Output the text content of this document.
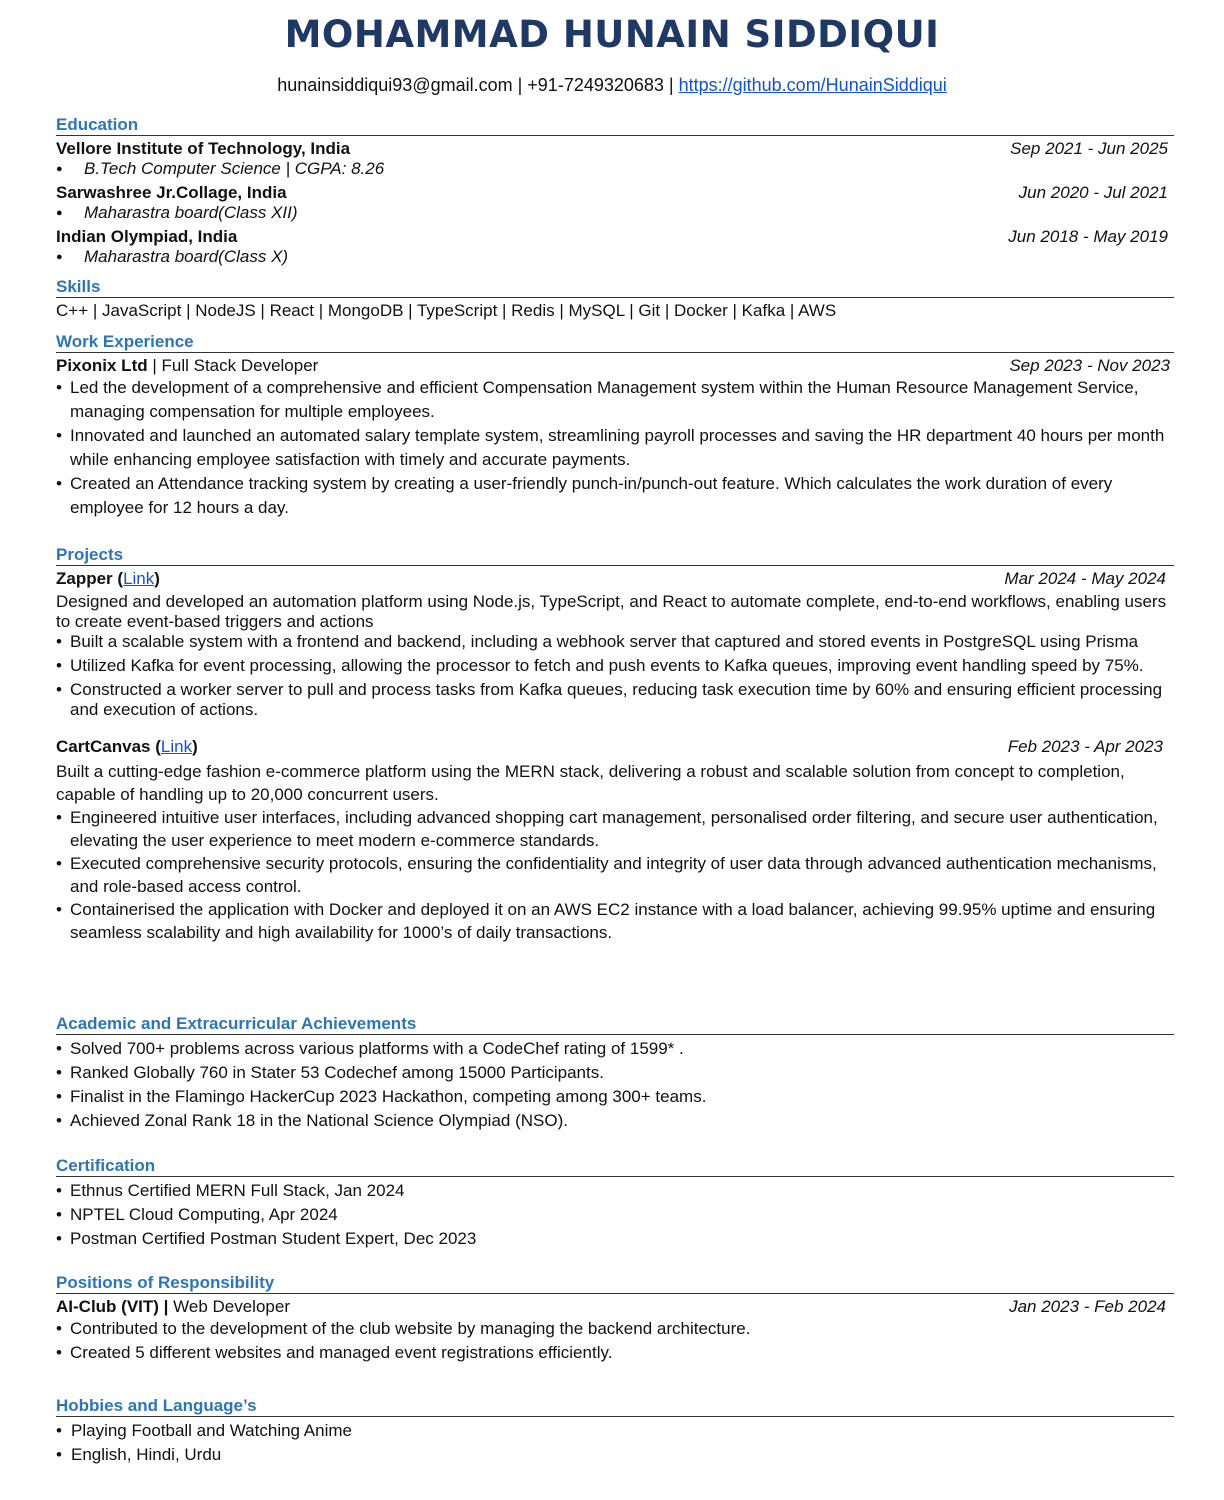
MOHAMMAD HUNAIN SIDDIQUI
hunainsiddiqui93@gmail.com | +91-7249320683 | https://github.com/HunainSiddiqui
Education
Vellore Institute of Technology, India	Sep 2021 - Jun 2025
● B.Tech Computer Science | CGPA: 8.26
Sarwashree Jr.Collage, India	Jun 2020 - Jul 2021
● Maharastra board(Class XII)
Indian Olympiad, India	Jun 2018 - May 2019
● Maharastra board(Class X)
Skills
C++ | JavaScript | NodeJS | React | MongoDB | TypeScript | Redis | MySQL | Git | Docker | Kafka | AWS
Work Experience
Pixonix Ltd | Full Stack Developer	Sep 2023 - Nov 2023
• Led the development of a comprehensive and efficient Compensation Management system within the Human Resource Management Service, managing compensation for multiple employees.
• Innovated and launched an automated salary template system, streamlining payroll processes and saving the HR department 40 hours per month while enhancing employee satisfaction with timely and accurate payments.
• Created an Attendance tracking system by creating a user-friendly punch-in/punch-out feature. Which calculates the work duration of every employee for 12 hours a day.
Projects
Zapper (Link)	Mar 2024 - May 2024
Designed and developed an automation platform using Node.js, TypeScript, and React to automate complete, end-to-end workflows, enabling users to create event-based triggers and actions
• Built a scalable system with a frontend and backend, including a webhook server that captured and stored events in PostgreSQL using Prisma
• Utilized Kafka for event processing, allowing the processor to fetch and push events to Kafka queues, improving event handling speed by 75%.
• Constructed a worker server to pull and process tasks from Kafka queues, reducing task execution time by 60% and ensuring efficient processing and execution of actions.
CartCanvas (Link)	Feb 2023 - Apr 2023
Built a cutting-edge fashion e-commerce platform using the MERN stack, delivering a robust and scalable solution from concept to completion, capable of handling up to 20,000 concurrent users.
• Engineered intuitive user interfaces, including advanced shopping cart management, personalised order filtering, and secure user authentication, elevating the user experience to meet modern e-commerce standards.
• Executed comprehensive security protocols, ensuring the confidentiality and integrity of user data through advanced authentication mechanisms, and role-based access control.
• Containerised the application with Docker and deployed it on an AWS EC2 instance with a load balancer, achieving 99.95% uptime and ensuring seamless scalability and high availability for 1000’s of daily transactions.
Academic and Extracurricular Achievements
• Solved 700+ problems across various platforms with a CodeChef rating of 1599* .
• Ranked Globally 760 in Stater 53 Codechef among 15000 Participants.
• Finalist in the Flamingo HackerCup 2023 Hackathon, competing among 300+ teams.
• Achieved Zonal Rank 18 in the National Science Olympiad (NSO).
Certification
• Ethnus Certified MERN Full Stack, Jan 2024
• NPTEL Cloud Computing, Apr 2024
• Postman Certified Postman Student Expert, Dec 2023
Positions of Responsibility
AI-Club (VIT) | Web Developer	Jan 2023 - Feb 2024
• Contributed to the development of the club website by managing the backend architecture.
• Created 5 different websites and managed event registrations efficiently.
Hobbies and Language’s
• Playing Football and Watching Anime
• English, Hindi, Urdu
